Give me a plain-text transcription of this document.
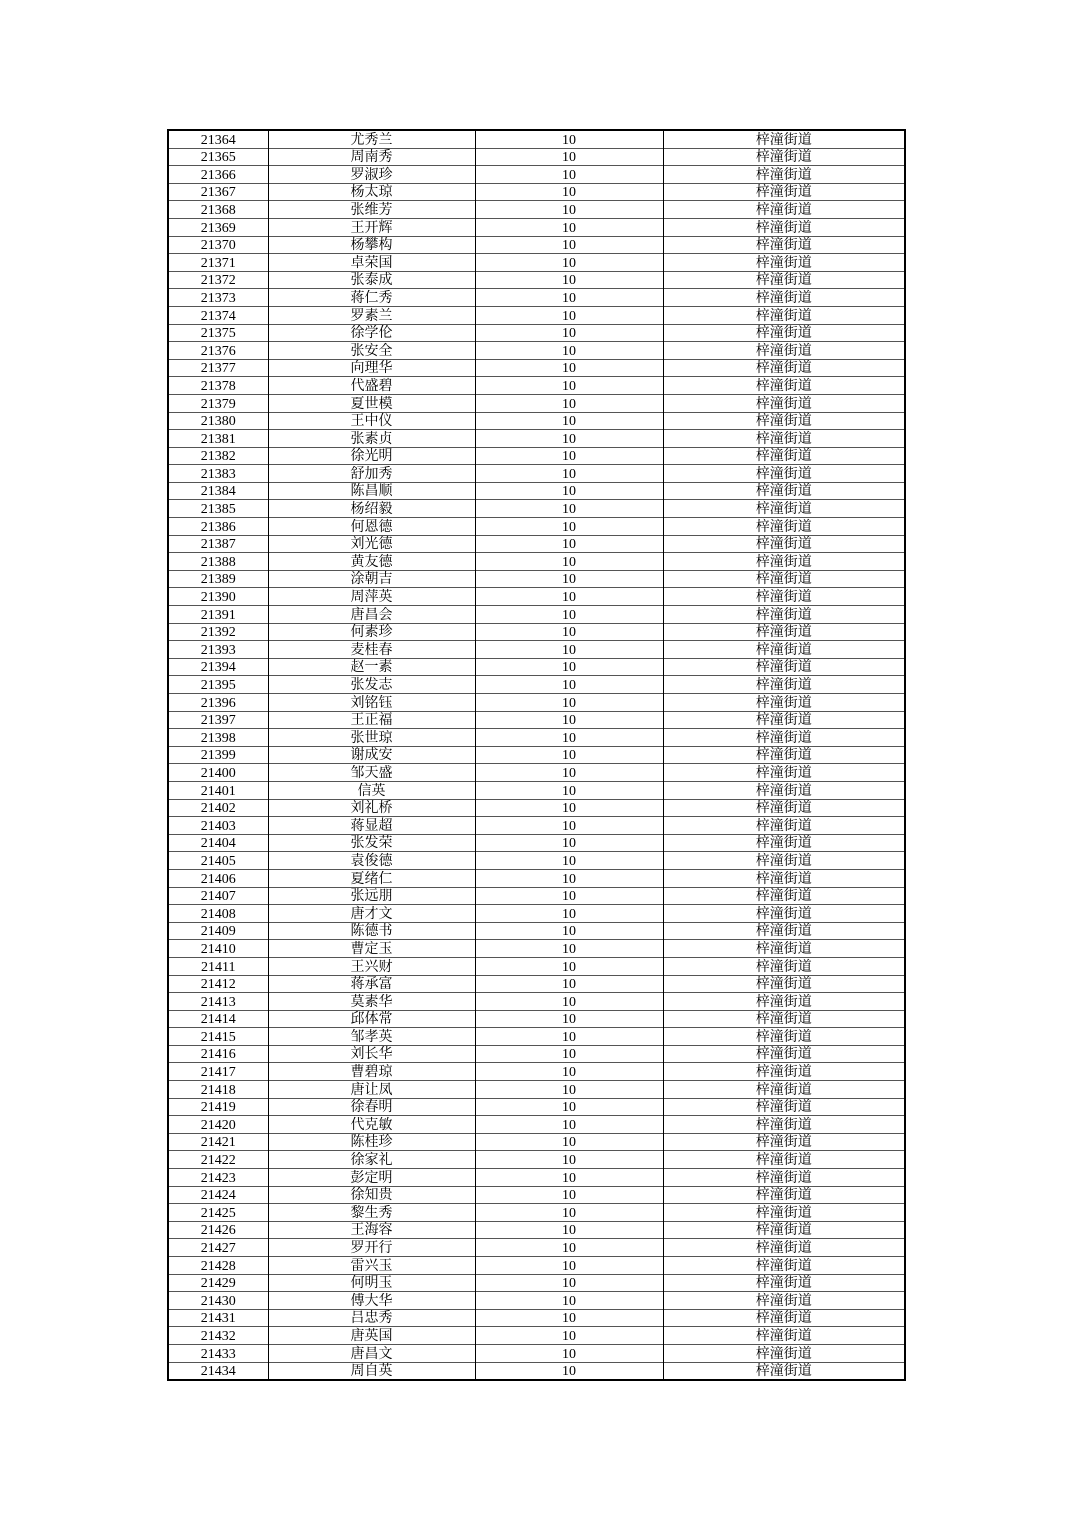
21364	尤秀兰	10	梓潼街道
21365	周南秀	10	梓潼街道
21366	罗淑珍	10	梓潼街道
21367	杨太琼	10	梓潼街道
21368	张维芳	10	梓潼街道
21369	王开辉	10	梓潼街道
21370	杨攀构	10	梓潼街道
21371	卓荣国	10	梓潼街道
21372	张泰成	10	梓潼街道
21373	蒋仁秀	10	梓潼街道
21374	罗素兰	10	梓潼街道
21375	徐学伦	10	梓潼街道
21376	张安全	10	梓潼街道
21377	向理华	10	梓潼街道
21378	代盛碧	10	梓潼街道
21379	夏世模	10	梓潼街道
21380	王中仪	10	梓潼街道
21381	张素贞	10	梓潼街道
21382	徐光明	10	梓潼街道
21383	舒加秀	10	梓潼街道
21384	陈昌顺	10	梓潼街道
21385	杨绍毅	10	梓潼街道
21386	何恩德	10	梓潼街道
21387	刘光德	10	梓潼街道
21388	黄友德	10	梓潼街道
21389	涂朝吉	10	梓潼街道
21390	周萍英	10	梓潼街道
21391	唐昌会	10	梓潼街道
21392	何素珍	10	梓潼街道
21393	麦桂春	10	梓潼街道
21394	赵一素	10	梓潼街道
21395	张发志	10	梓潼街道
21396	刘铭钰	10	梓潼街道
21397	王正福	10	梓潼街道
21398	张世琼	10	梓潼街道
21399	谢成安	10	梓潼街道
21400	邹天盛	10	梓潼街道
21401	信英	10	梓潼街道
21402	刘礼桥	10	梓潼街道
21403	蒋显超	10	梓潼街道
21404	张发荣	10	梓潼街道
21405	袁俊德	10	梓潼街道
21406	夏绪仁	10	梓潼街道
21407	张远朋	10	梓潼街道
21408	唐才文	10	梓潼街道
21409	陈德书	10	梓潼街道
21410	曹定玉	10	梓潼街道
21411	王兴财	10	梓潼街道
21412	蒋承富	10	梓潼街道
21413	莫素华	10	梓潼街道
21414	邱体常	10	梓潼街道
21415	邹孝英	10	梓潼街道
21416	刘长华	10	梓潼街道
21417	曹碧琼	10	梓潼街道
21418	唐让凤	10	梓潼街道
21419	徐春明	10	梓潼街道
21420	代克敏	10	梓潼街道
21421	陈桂珍	10	梓潼街道
21422	徐家礼	10	梓潼街道
21423	彭定明	10	梓潼街道
21424	徐知贵	10	梓潼街道
21425	黎生秀	10	梓潼街道
21426	王海容	10	梓潼街道
21427	罗开行	10	梓潼街道
21428	雷兴玉	10	梓潼街道
21429	何明玉	10	梓潼街道
21430	傅大华	10	梓潼街道
21431	吕忠秀	10	梓潼街道
21432	唐英国	10	梓潼街道
21433	唐昌文	10	梓潼街道
21434	周自英	10	梓潼街道
